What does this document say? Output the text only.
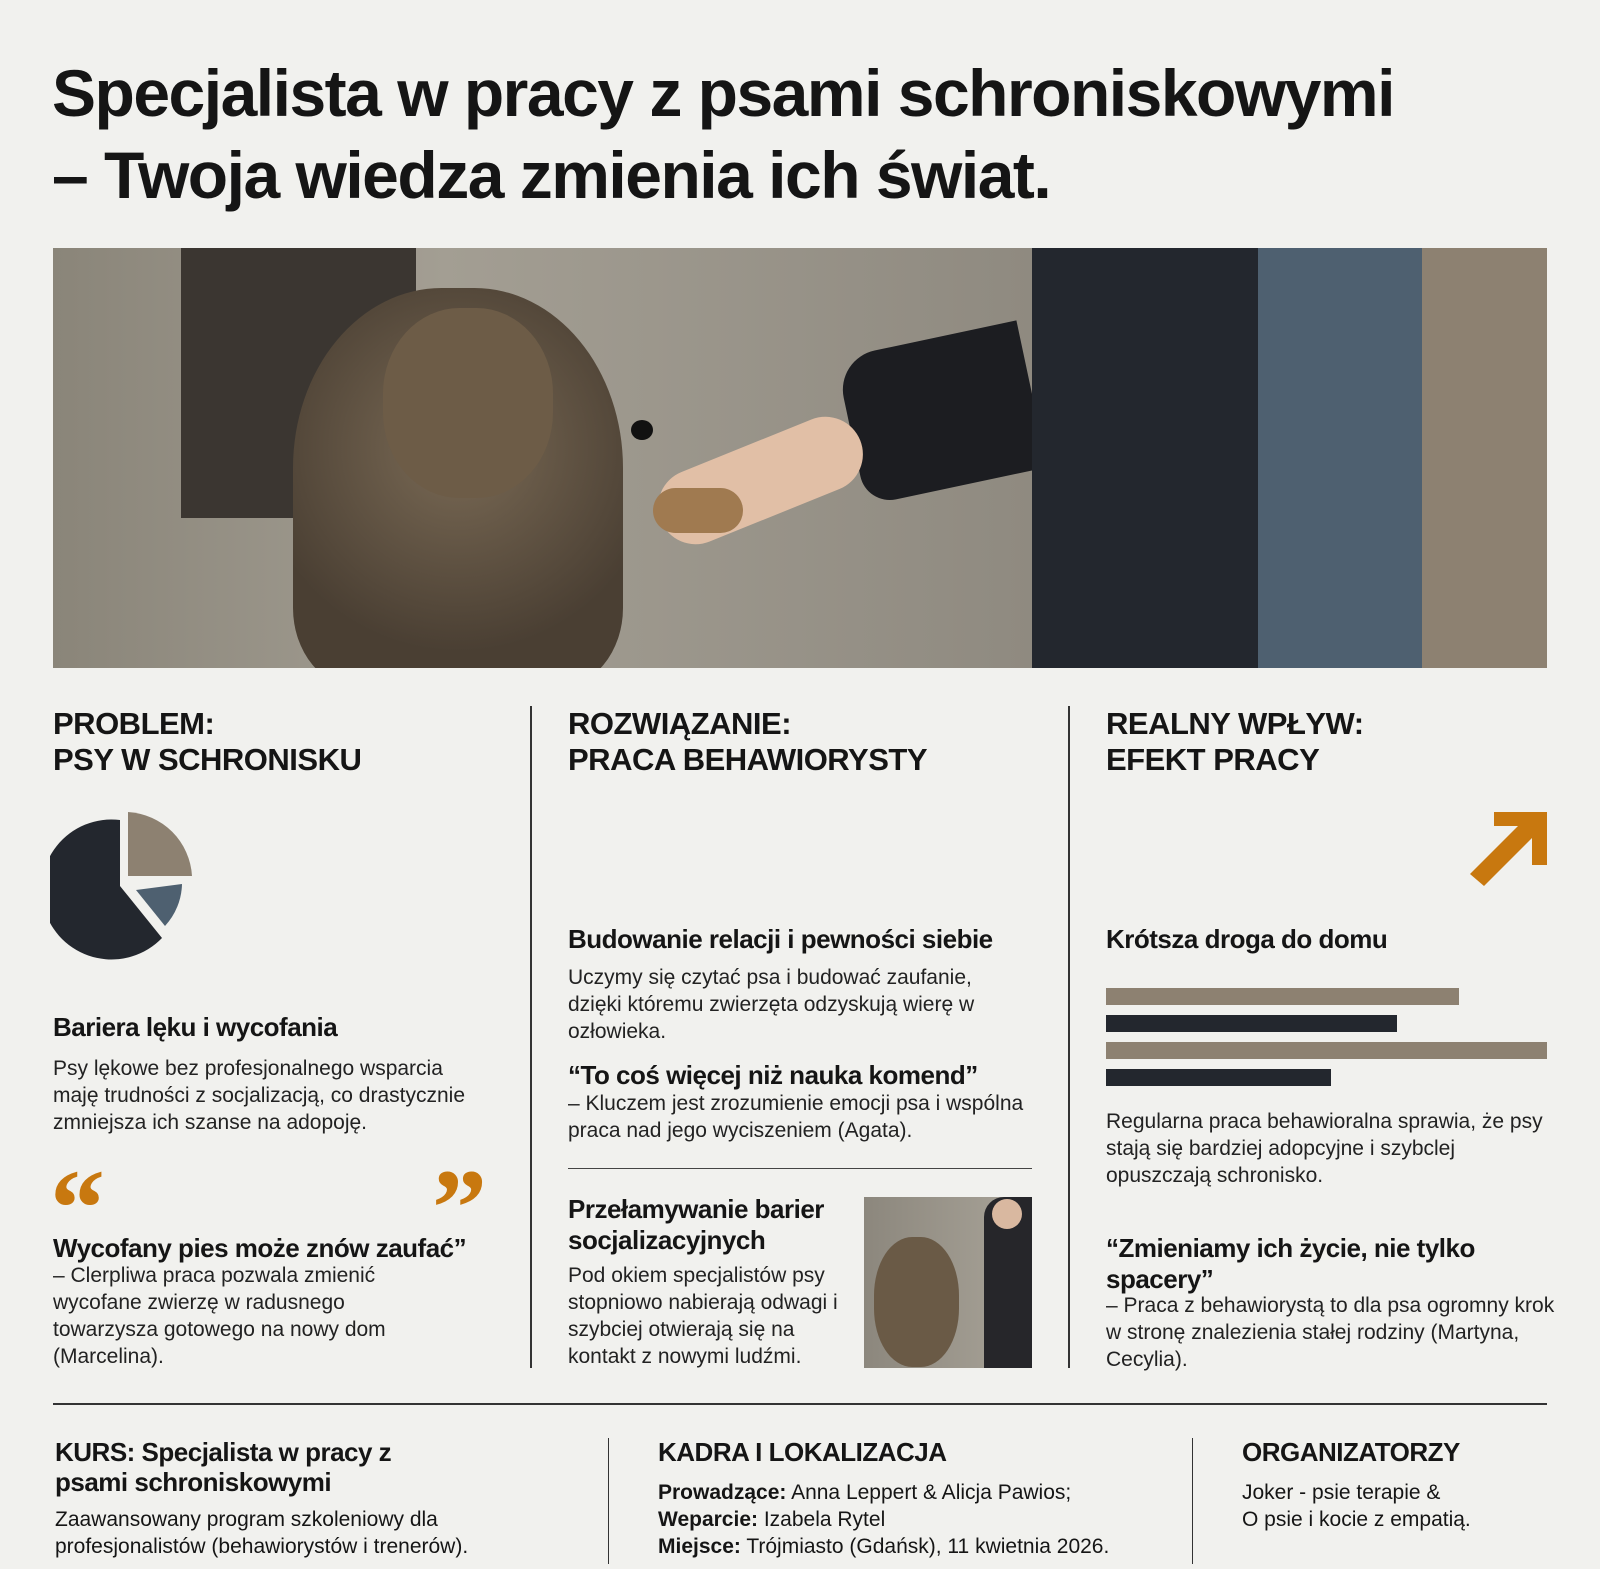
Specjalista w pracy z psami schroniskowymi
– Twoja wiedza zmienia ich świat.
PROBLEM:
PSY W SCHRONISKU
Bariera lęku i wycofania
Psy lękowe bez profesjonalnego wsparcia maję trudności z socjalizacją, co drastycznie zmniejsza ich szanse na adopoję.
“	”
Wycofany pies może znów zaufać”
– Clerpliwa praca pozwala zmienić wycofane zwierzę w radusnego towarzysza gotowego na nowy dom (Marcelina).
ROZWIĄZANIE:
PRACA BEHAWIORYSTY
Budowanie relacji i pewności siebie
Uczymy się czytać psa i budować zaufanie, dzięki któremu zwierzęta odzyskują wierę w ozłowieka.
“To coś więcej niż nauka komend”
– Kluczem jest zrozumienie emocji psa i wspólna praca nad jego wyciszeniem (Agata).
Przełamywanie barier socjalizacyjnych
Pod okiem specjalistów psy stopniowo nabierają odwagi i szybciej otwierają się na kontakt z nowymi ludźmi.
REALNY WPŁYW:
EFEKT PRACY
Krótsza droga do domu
Regularna praca behawioralna sprawia, że psy stają się bardziej adopcyjne i szybclej opuszczają schronisko.
“Zmieniamy ich życie, nie tylko spacery”
– Praca z behawiorystą to dla psa ogromny krok w stronę znalezienia stałej rodziny (Martyna, Cecylia).
KURS: Specjalista w pracy z psami schroniskowymi
Zaawansowany program szkoleniowy dla profesjonalistów (behawiorystów i trenerów).
KADRA I LOKALIZACJA
Prowadzące: Anna Leppert & Alicja Pawios;
Weparcie: Izabela Rytel
Miejsce: Trójmiasto (Gdańsk), 11 kwietnia 2026.
ORGANIZATORZY
Joker - psie terapie &
O psie i kocie z empatią.
